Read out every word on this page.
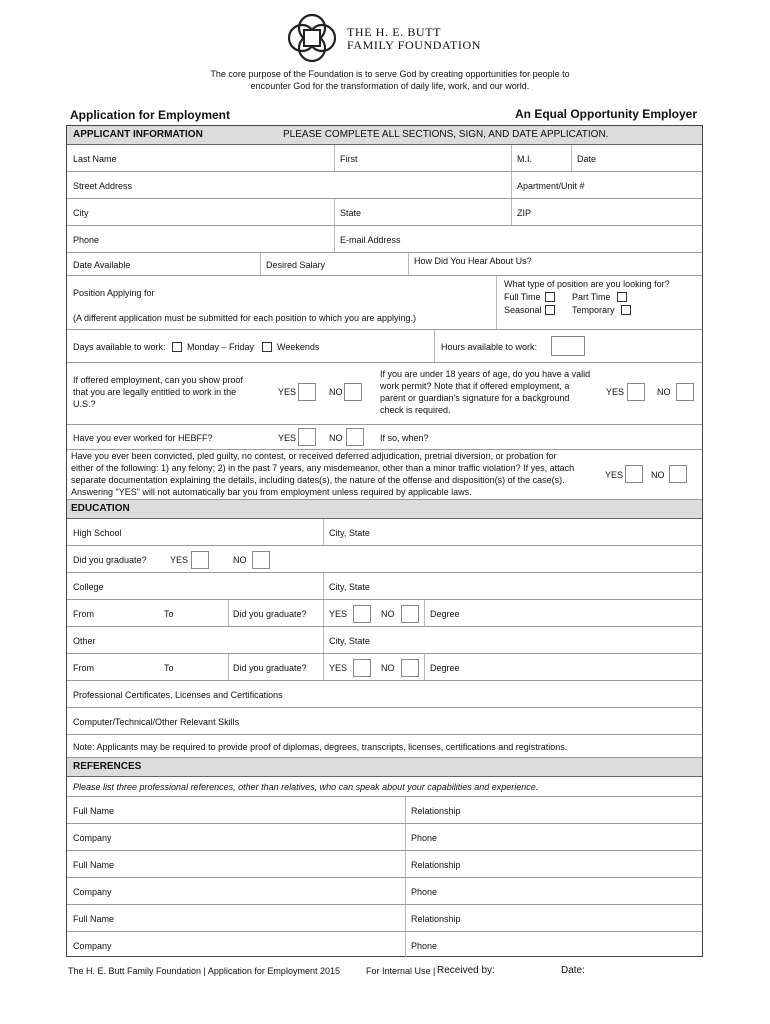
THE H. E. BUTT
FAMILY FOUNDATION
The core purpose of the Foundation is to serve God by creating opportunities for people to
encounter God for the transformation of daily life, work, and our world.
Application for Employment	An Equal Opportunity Employer
APPLICANT INFORMATION	PLEASE COMPLETE ALL SECTIONS, SIGN, AND DATE APPLICATION.
Last Name	First	M.I.	Date
Street Address	Apartment/Unit #
City	State	ZIP
Phone	E-mail Address
Date Available	Desired Salary	How Did You Hear About Us?
Position Applying for
(A different application must be submitted for each position to which you are applying.)
What type of position are you looking for?
Full Time	Part Time
Seasonal	Temporary
Days available to work: Monday – Friday	Weekends	Hours available to work:
If offered employment, can you show proof
that you are legally entitled to work in the
U.S.?
YES	NO
If you are under 18 years of age, do you have a valid
work permit? Note that if offered employment, a
parent or guardian's signature for a background
check is required.
YES	NO
Have you ever worked for HEBFF?	YES	NO	If so, when?
Have you ever been convicted, pled guilty, no contest, or received deferred adjudication, pretrial diversion, or probation for
either of the following: 1) any felony; 2) in the past 7 years, any misdemeanor, other than a minor traffic violation? If yes, attach
separate documentation explaining the details, including dates(s), the nature of the offense and disposition(s) of the case(s).
Answering "YES" will not automatically bar you from employment unless required by applicable laws.
YES	NO
EDUCATION
High School	City, State
Did you graduate?	YES	NO
College	City, State
From	To	Did you graduate? YES	NO	Degree
Other	City, State
From	To	Did you graduate? YES	NO	Degree
Professional Certificates, Licenses and Certifications
Computer/Technical/Other Relevant Skills
Note: Applicants may be required to provide proof of diplomas, degrees, transcripts, licenses, certifications and registrations.
REFERENCES
Please list three professional references, other than relatives, who can speak about your capabilities and experience.
Full Name	Relationship
Company	Phone
Full Name	Relationship
Company	Phone
Full Name	Relationship
Company	Phone
The H. E. Butt Family Foundation | Application for Employment 2015	For Internal Use | Received by:	Date:
